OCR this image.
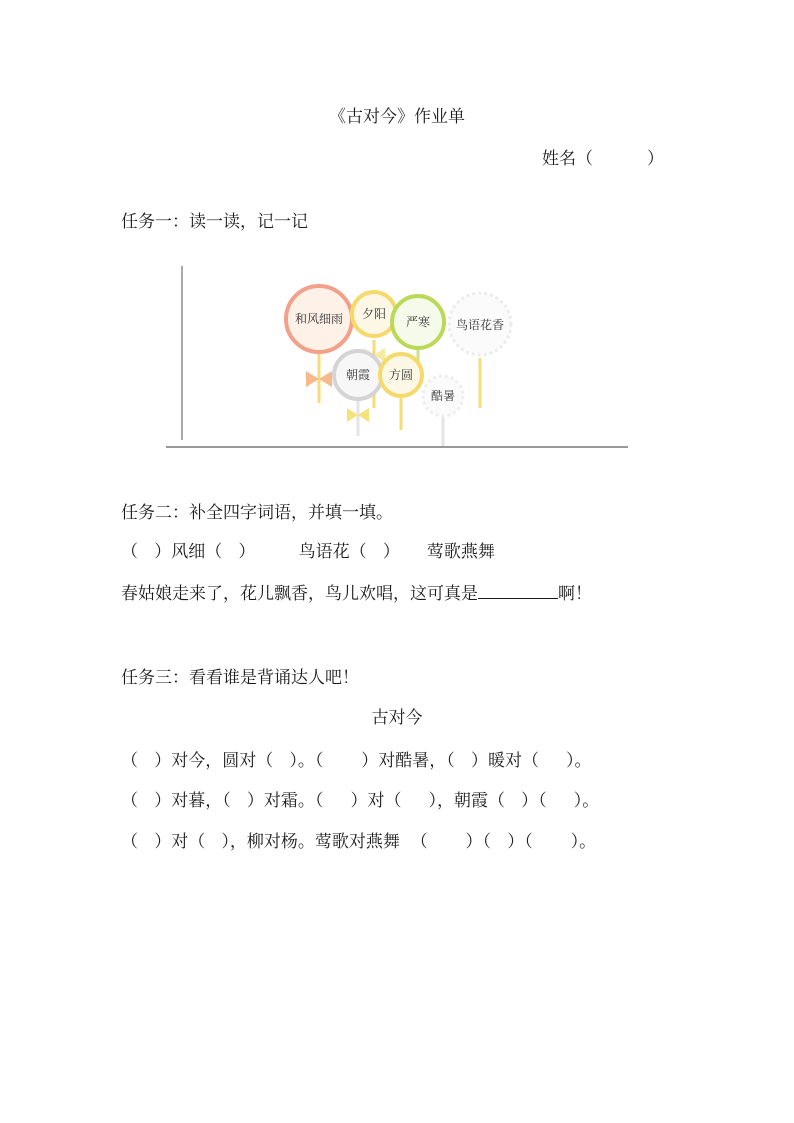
《古对今》作业单
姓名（          ）
任务一：读一读，记一记
和风细雨 夕阳
严寒 鸟语花香
朝霞 方圆
酷暑
任务二：补全四字词语，并填一填。
（   ）风细（   ）        鸟语花（   ）     莺歌燕舞
春姑娘走来了，花儿飘香，鸟儿欢唱，这可真是	啊！
任务三：看看谁是背诵达人吧！
古对今
（   ）对今，圆对（   ）。（       ）对酷暑，（   ）暖对（     ）。
（   ）对暮，（   ）对霜。（     ）对（     ），朝霞（   ）（     ）。
（   ）对（   ），柳对杨。莺歌对燕舞  （       ）（   ）（       ）。
